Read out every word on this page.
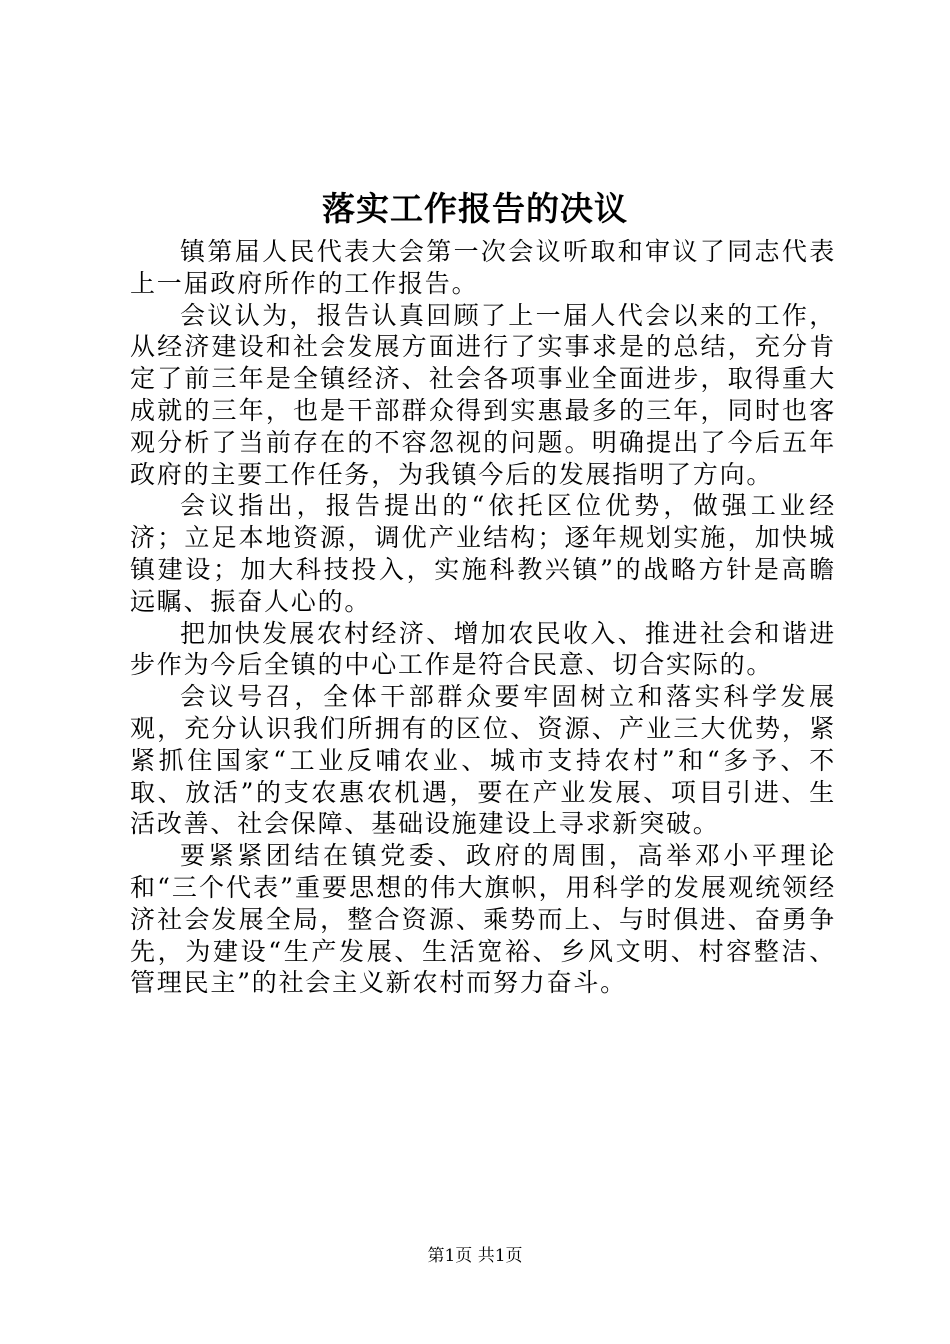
落实工作报告的决议

镇第届人民代表大会第一次会议听取和审议了同志代表上一届政府所作的工作报告。

会议认为，报告认真回顾了上一届人代会以来的工作，从经济建设和社会发展方面进行了实事求是的总结，充分肯定了前三年是全镇经济、社会各项事业全面进步，取得重大成就的三年，也是干部群众得到实惠最多的三年，同时也客观分析了当前存在的不容忽视的问题。明确提出了今后五年政府的主要工作任务，为我镇今后的发展指明了方向。

会议指出，报告提出的“依托区位优势，做强工业经济；立足本地资源，调优产业结构；逐年规划实施，加快城镇建设；加大科技投入，实施科教兴镇”的战略方针是高瞻远瞩、振奋人心的。

把加快发展农村经济、增加农民收入、推进社会和谐进步作为今后全镇的中心工作是符合民意、切合实际的。

会议号召，全体干部群众要牢固树立和落实科学发展观，充分认识我们所拥有的区位、资源、产业三大优势，紧紧抓住国家“工业反哺农业、城市支持农村”和“多予、不取、放活”的支农惠农机遇，要在产业发展、项目引进、生活改善、社会保障、基础设施建设上寻求新突破。

要紧紧团结在镇党委、政府的周围，高举邓小平理论和“三个代表”重要思想的伟大旗帜，用科学的发展观统领经济社会发展全局，整合资源、乘势而上、与时俱进、奋勇争先，为建设“生产发展、生活宽裕、乡风文明、村容整洁、管理民主”的社会主义新农村而努力奋斗。

第1页 共1页
